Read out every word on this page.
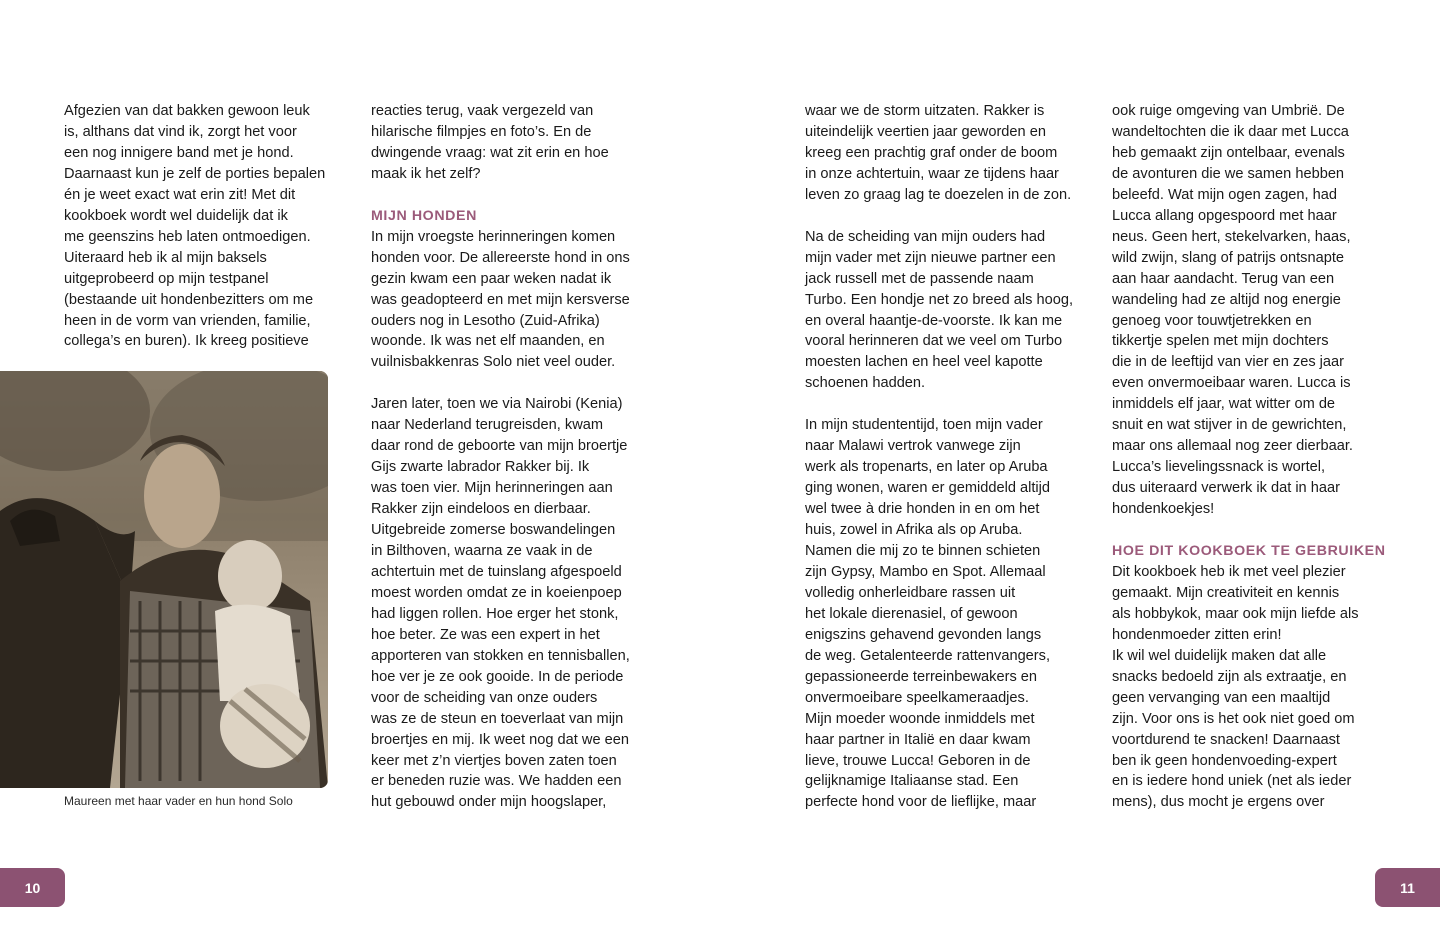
Afgezien van dat bakken gewoon leuk

is, althans dat vind ik, zorgt het voor

een nog innigere band met je hond.

Daarnaast kun je zelf de porties bepalen

én je weet exact wat erin zit! Met dit

kookboek wordt wel duidelijk dat ik

me geenszins heb laten ontmoedigen.

Uiteraard heb ik al mijn baksels

uitgeprobeerd op mijn testpanel

(bestaande uit hondenbezitters om me

heen in de vorm van vrienden, familie,

collega’s en buren). Ik kreeg positieve

Maureen met haar vader en hun hond Solo

reacties terug, vaak vergezeld van

hilarische filmpjes en foto’s. En de

dwingende vraag: wat zit erin en hoe

maak ik het zelf?

MIJN HONDEN

In mijn vroegste herinneringen komen

honden voor. De allereerste hond in ons

gezin kwam een paar weken nadat ik

was geadopteerd en met mijn kersverse

ouders nog in Lesotho (Zuid-Afrika)

woonde. Ik was net elf maanden, en

vuilnisbakkenras Solo niet veel ouder.

Jaren later, toen we via Nairobi (Kenia)

naar Nederland terugreisden, kwam

daar rond de geboorte van mijn broertje

Gijs zwarte labrador Rakker bij. Ik

was toen vier. Mijn herinneringen aan

Rakker zijn eindeloos en dierbaar.

Uitgebreide zomerse boswandelingen

in Bilthoven, waarna ze vaak in de

achtertuin met de tuinslang afgespoeld

moest worden omdat ze in koeienpoep

had liggen rollen. Hoe erger het stonk,

hoe beter. Ze was een expert in het

apporteren van stokken en tennisballen,

hoe ver je ze ook gooide. In de periode

voor de scheiding van onze ouders

was ze de steun en toeverlaat van mijn

broertjes en mij. Ik weet nog dat we een

keer met z’n viertjes boven zaten toen

er beneden ruzie was. We hadden een

hut gebouwd onder mijn hoogslaper,

waar we de storm uitzaten. Rakker is

uiteindelijk veertien jaar geworden en

kreeg een prachtig graf onder de boom

in onze achtertuin, waar ze tijdens haar

leven zo graag lag te doezelen in de zon.

Na de scheiding van mijn ouders had

mijn vader met zijn nieuwe partner een

jack russell met de passende naam

Turbo. Een hondje net zo breed als hoog,

en overal haantje-de-voorste. Ik kan me

vooral herinneren dat we veel om Turbo

moesten lachen en heel veel kapotte

schoenen hadden.

In mijn studententijd, toen mijn vader

naar Malawi vertrok vanwege zijn

werk als tropenarts, en later op Aruba

ging wonen, waren er gemiddeld altijd

wel twee à drie honden in en om het

huis, zowel in Afrika als op Aruba.

Namen die mij zo te binnen schieten

zijn Gypsy, Mambo en Spot. Allemaal

volledig onherleidbare rassen uit

het lokale dierenasiel, of gewoon

enigszins gehavend gevonden langs

de weg. Getalenteerde rattenvangers,

gepassioneerde terreinbewakers en

onvermoeibare speelkameraadjes.

Mijn moeder woonde inmiddels met

haar partner in Italië en daar kwam

lieve, trouwe Lucca! Geboren in de

gelijknamige Italiaanse stad. Een

perfecte hond voor de lieflijke, maar

ook ruige omgeving van Umbrië. De

wandeltochten die ik daar met Lucca

heb gemaakt zijn ontelbaar, evenals

de avonturen die we samen hebben

beleefd. Wat mijn ogen zagen, had

Lucca allang opgespoord met haar

neus. Geen hert, stekelvarken, haas,

wild zwijn, slang of patrijs ontsnapte

aan haar aandacht. Terug van een

wandeling had ze altijd nog energie

genoeg voor touwtjetrekken en

tikkertje spelen met mijn dochters

die in de leeftijd van vier en zes jaar

even onvermoeibaar waren. Lucca is

inmiddels elf jaar, wat witter om de

snuit en wat stijver in de gewrichten,

maar ons allemaal nog zeer dierbaar.

Lucca’s lievelingssnack is wortel,

dus uiteraard verwerk ik dat in haar

hondenkoekjes!

HOE DIT KOOKBOEK TE GEBRUIKEN

Dit kookboek heb ik met veel plezier

gemaakt. Mijn creativiteit en kennis

als hobbykok, maar ook mijn liefde als

hondenmoeder zitten erin!

Ik wil wel duidelijk maken dat alle

snacks bedoeld zijn als extraatje, en

geen vervanging van een maaltijd

zijn. Voor ons is het ook niet goed om

voortdurend te snacken! Daarnaast

ben ik geen hondenvoeding-expert

en is iedere hond uniek (net als ieder

mens), dus mocht je ergens over

10	11
